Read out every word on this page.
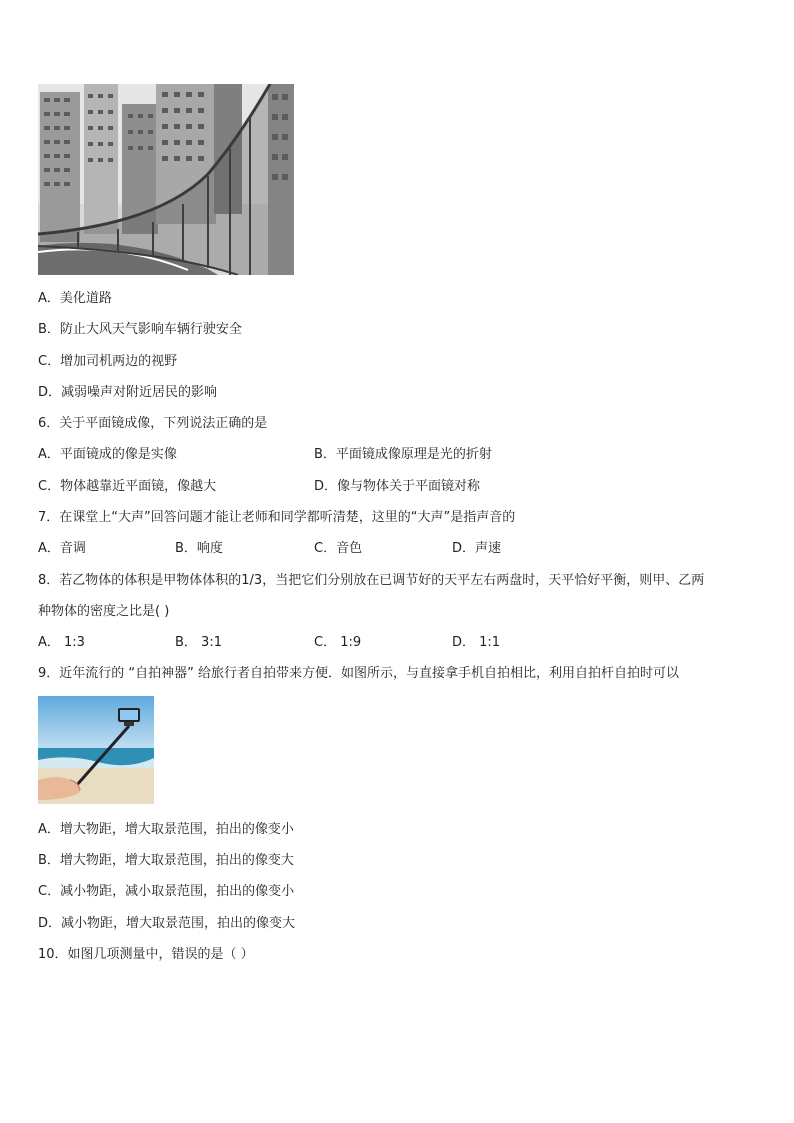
A．美化道路
B．防止大风天气影响车辆行驶安全
C．增加司机两边的视野
D．减弱噪声对附近居民的影响
6．关于平面镜成像，下列说法正确的是
A．平面镜成的像是实像	B．平面镜成像原理是光的折射
C．物体越靠近平面镜，像越大	D．像与物体关于平面镜对称
7．在课堂上“大声”回答问题才能让老师和同学都听清楚，这里的“大声”是指声音的
A．音调	B．响度	C．音色	D．声速
8．若乙物体的体积是甲物体体积的1/3，当把它们分别放在已调节好的天平左右两盘时，天平恰好平衡，则甲、乙两
种物体的密度之比是( )
A． 1:3	B． 3:1	C． 1:9	D． 1:1
9．近年流行的 “自拍神器” 给旅行者自拍带来方便．如图所示，与直接拿手机自拍相比，利用自拍杆自拍时可以
A．增大物距，增大取景范围，拍出的像变小
B．增大物距，增大取景范围，拍出的像变大
C．减小物距，减小取景范围，拍出的像变小
D．减小物距，增大取景范围，拍出的像变大
10．如图几项测量中，错误的是（ ）
